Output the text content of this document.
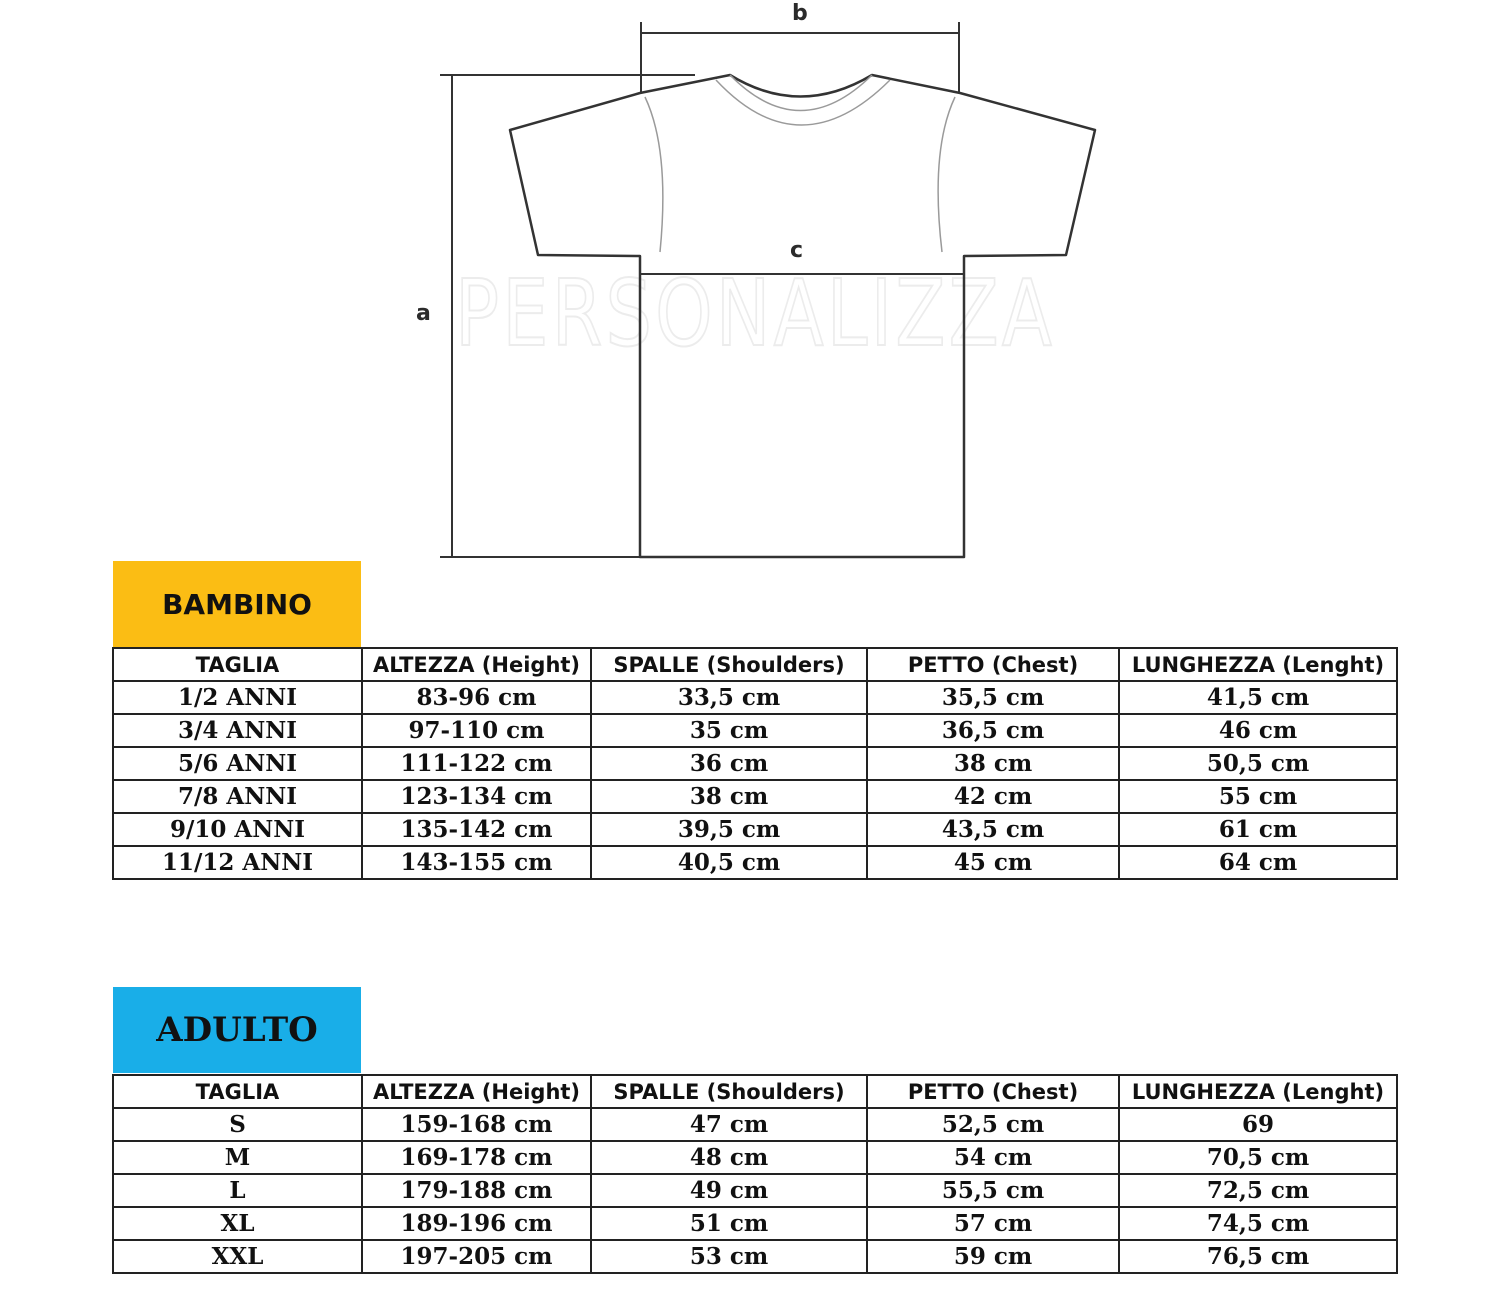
PERSONALIZZA
b
c
a
BAMBINO
TAGLIA	ALTEZZA (Height)	SPALLE (Shoulders)	PETTO (Chest)	LUNGHEZZA (Lenght)
1/2 ANNI	83-96 cm	33,5 cm	35,5 cm	41,5 cm
3/4 ANNI	97-110 cm	35 cm	36,5 cm	46 cm
5/6 ANNI	111-122 cm	36 cm	38 cm	50,5 cm
7/8 ANNI	123-134 cm	38 cm	42 cm	55 cm
9/10 ANNI	135-142 cm	39,5 cm	43,5 cm	61 cm
11/12 ANNI	143-155 cm	40,5 cm	45 cm	64 cm
ADULTO
TAGLIA	ALTEZZA (Height)	SPALLE (Shoulders)	PETTO (Chest)	LUNGHEZZA (Lenght)
S	159-168 cm	47 cm	52,5 cm	69
M	169-178 cm	48 cm	54 cm	70,5 cm
L	179-188 cm	49 cm	55,5 cm	72,5 cm
XL	189-196 cm	51 cm	57 cm	74,5 cm
XXL	197-205 cm	53 cm	59 cm	76,5 cm
